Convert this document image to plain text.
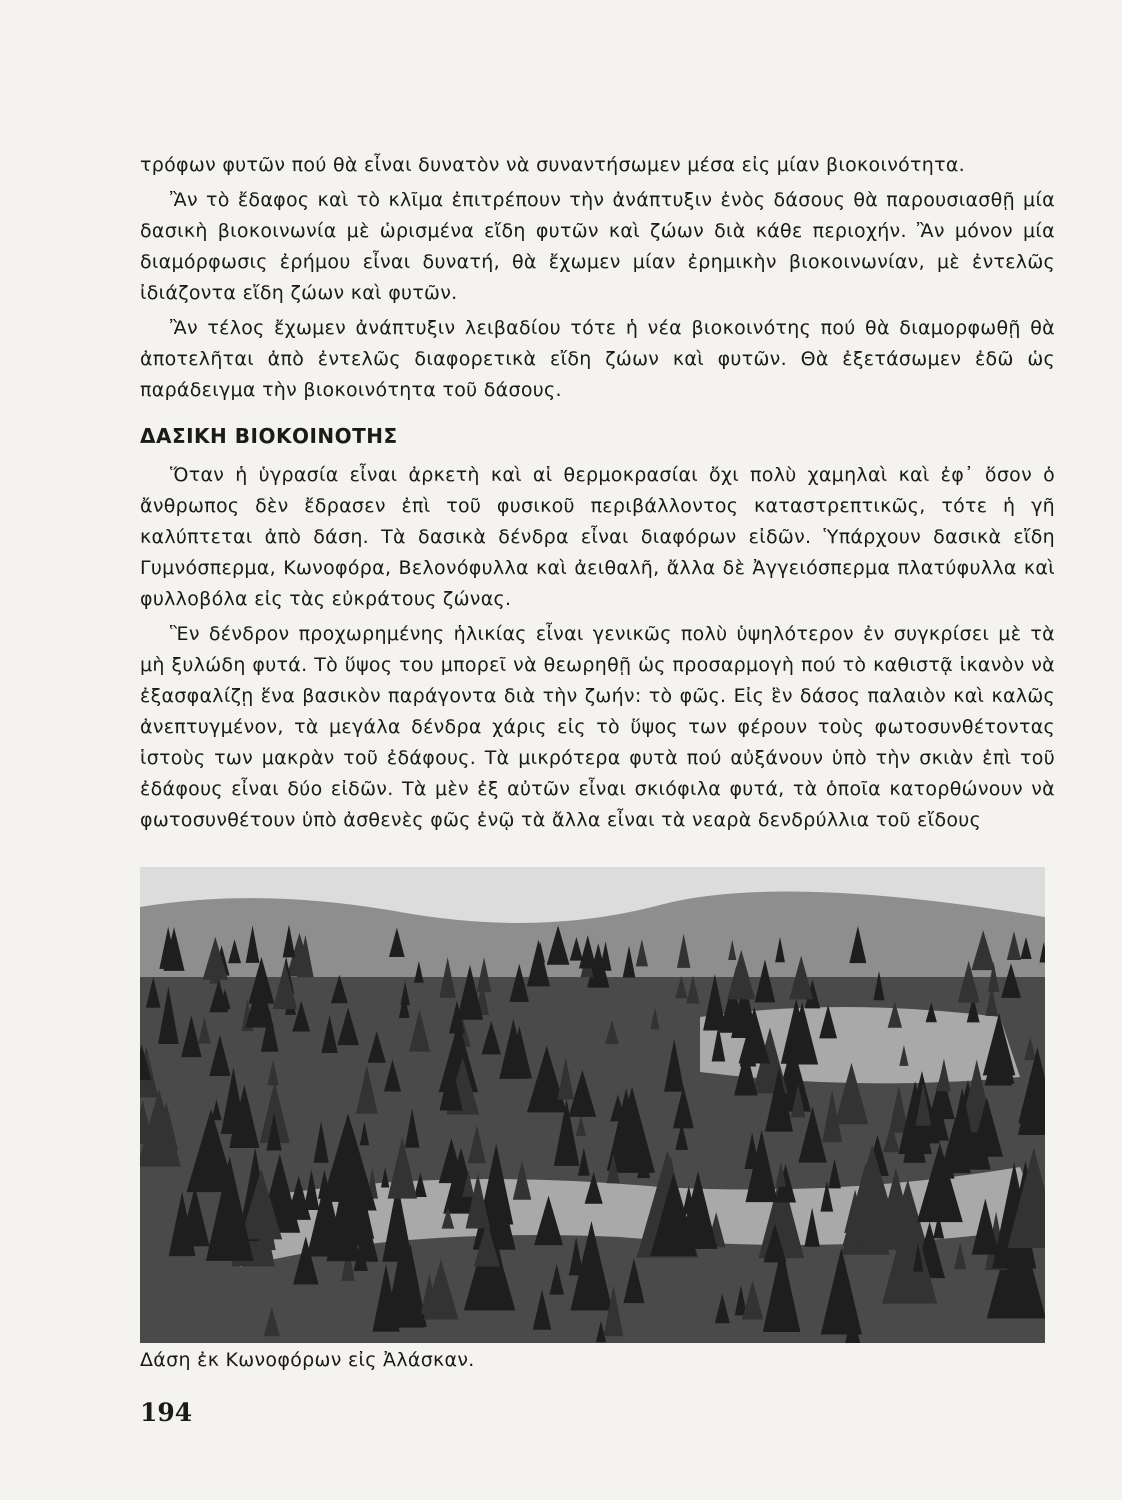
τρόφων φυτῶν πού θὰ εἶναι δυνατὸν νὰ συναντήσωμεν μέσα εἰς μίαν βιοκοινότητα.

Ἂν τὸ ἔδαφος καὶ τὸ κλῖμα ἐπιτρέπουν τὴν ἀνάπτυξιν ἑνὸς δάσους θὰ παρουσιασθῇ μία δασικὴ βιοκοινωνία μὲ ὡρισμένα εἴδη φυτῶν καὶ ζώων διὰ κάθε περιοχήν. Ἂν μόνον μία διαμόρφωσις ἐρήμου εἶναι δυνατή, θὰ ἔχωμεν μίαν ἐρημικὴν βιοκοινωνίαν, μὲ ἐντελῶς ἰδιάζοντα εἴδη ζώων καὶ φυτῶν.

Ἂν τέλος ἔχωμεν ἀνάπτυξιν λειβαδίου τότε ἡ νέα βιοκοινότης πού θὰ διαμορφωθῇ θὰ ἀποτελῆται ἀπὸ ἐντελῶς διαφορετικὰ εἴδη ζώων καὶ φυτῶν. Θὰ ἐξετάσωμεν ἐδῶ ὡς παράδειγμα τὴν βιοκοινότητα τοῦ δάσους.

ΔΑΣΙΚΗ ΒΙΟΚΟΙΝΟΤΗΣ

Ὅταν ἡ ὑγρασία εἶναι ἀρκετὴ καὶ αἱ θερμοκρασίαι ὄχι πολὺ χαμηλαὶ καὶ ἐφ᾽ ὅσον ὁ ἄνθρωπος δὲν ἔδρασεν ἐπὶ τοῦ φυσικοῦ περιβάλλοντος καταστρεπτικῶς, τότε ἡ γῆ καλύπτεται ἀπὸ δάση. Τὰ δασικὰ δένδρα εἶναι διαφόρων εἰδῶν. Ὑπάρχουν δασικὰ εἴδη Γυμνόσπερμα, Κωνοφόρα, Βελονόφυλλα καὶ ἀειθαλῆ, ἄλλα δὲ Ἀγγειόσπερμα πλατύφυλλα καὶ φυλλοβόλα εἰς τὰς εὐκράτους ζώνας.

Ἓν δένδρον προχωρημένης ἡλικίας εἶναι γενικῶς πολὺ ὑψηλότερον ἐν συγκρίσει μὲ τὰ μὴ ξυλώδη φυτά. Τὸ ὕψος του μπορεῖ νὰ θεωρηθῇ ὡς προσαρμογὴ πού τὸ καθιστᾷ ἱκανὸν νὰ ἐξασφαλίζῃ ἕνα βασικὸν παράγοντα διὰ τὴν ζωήν: τὸ φῶς. Εἰς ἓν δάσος παλαιὸν καὶ καλῶς ἀνεπτυγμένον, τὰ μεγάλα δένδρα χάρις εἰς τὸ ὕψος των φέρουν τοὺς φωτοσυνθέτοντας ἱστοὺς των μακρὰν τοῦ ἐδάφους. Τὰ μικρότερα φυτὰ πού αὐξάνουν ὑπὸ τὴν σκιὰν ἐπὶ τοῦ ἐδάφους εἶναι δύο εἰδῶν. Τὰ μὲν ἐξ αὐτῶν εἶναι σκιόφιλα φυτά, τὰ ὁποῖα κατορθώνουν νὰ φωτοσυνθέτουν ὑπὸ ἀσθενὲς φῶς ἐνῷ τὰ ἄλλα εἶναι τὰ νεαρὰ δενδρύλλια τοῦ εἴδους

Δάση ἐκ Κωνοφόρων εἰς Ἀλάσκαν.
194
